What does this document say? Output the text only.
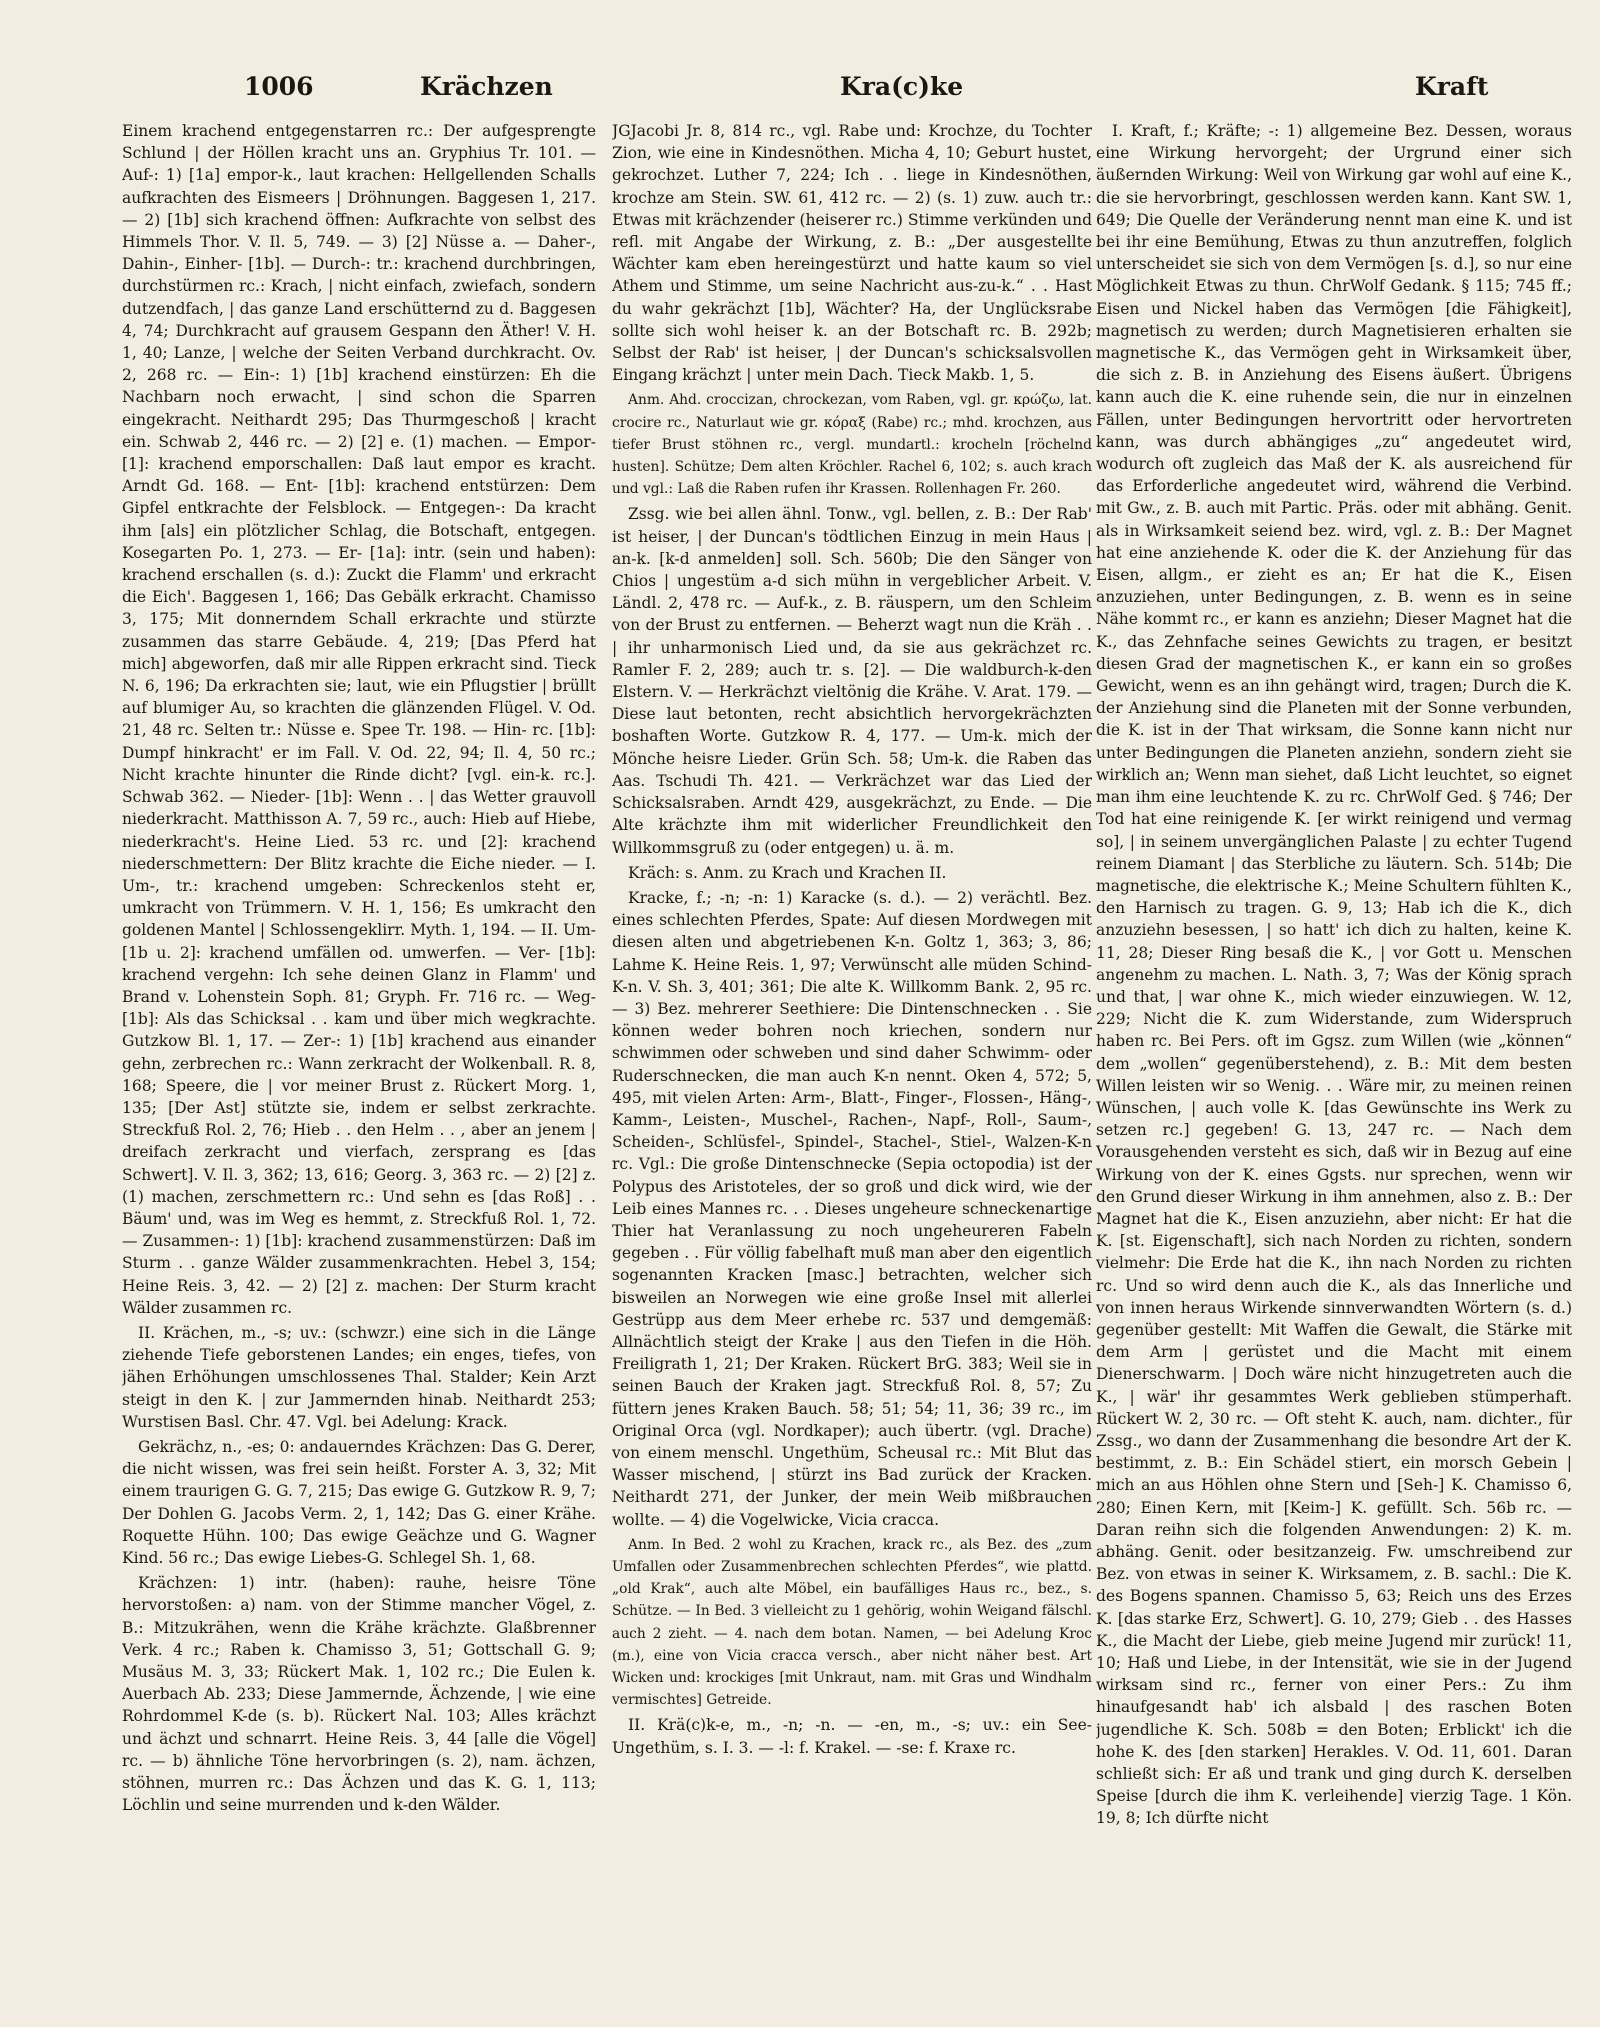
1006	Krächzen	Kra(c)ke	Kraft

Einem krachend entgegenstarren rc.: Der aufgesprengte Schlund | der Höllen kracht uns an. Gryphius Tr. 101. — Auf-: 1) [1a] empor-k., laut krachen: Hellgellenden Schalls aufkrachten des Eismeers | Dröhnungen. Baggesen 1, 217. — 2) [1b] sich krachend öffnen: Aufkrachte von selbst des Himmels Thor. V. Il. 5, 749. — 3) [2] Nüsse a. — Daher-, Dahin-, Einher- [1b]. — Durch-: tr.: krachend durchbringen, durchstürmen rc.: Krach, | nicht einfach, zwiefach, sondern dutzendfach, | das ganze Land erschütternd zu d. Baggesen 4, 74; Durchkracht auf grausem Gespann den Äther! V. H. 1, 40; Lanze, | welche der Seiten Verband durchkracht. Ov. 2, 268 rc. — Ein-: 1) [1b] krachend einstürzen: Eh die Nachbarn noch erwacht, | sind schon die Sparren eingekracht. Neithardt 295; Das Thurmgeschoß | kracht ein. Schwab 2, 446 rc. — 2) [2] e. (1) machen. — Empor- [1]: krachend emporschallen: Daß laut empor es kracht. Arndt Gd. 168. — Ent- [1b]: krachend entstürzen: Dem Gipfel entkrachte der Felsblock. — Entgegen-: Da kracht ihm [als] ein plötzlicher Schlag, die Botschaft, entgegen. Kosegarten Po. 1, 273. — Er- [1a]: intr. (sein und haben): krachend erschallen (s. d.): Zuckt die Flamm' und erkracht die Eich'. Baggesen 1, 166; Das Gebälk erkracht. Chamisso 3, 175; Mit donnerndem Schall erkrachte und stürzte zusammen das starre Gebäude. 4, 219; [Das Pferd hat mich] abgeworfen, daß mir alle Rippen erkracht sind. Tieck N. 6, 196; Da erkrachten sie; laut, wie ein Pflugstier | brüllt auf blumiger Au, so krachten die glänzenden Flügel. V. Od. 21, 48 rc. Selten tr.: Nüsse e. Spee Tr. 198. — Hin- rc. [1b]: Dumpf hinkracht' er im Fall. V. Od. 22, 94; Il. 4, 50 rc.; Nicht krachte hinunter die Rinde dicht? [vgl. ein-k. rc.]. Schwab 362. — Nieder- [1b]: Wenn . . | das Wetter grauvoll niederkracht. Matthisson A. 7, 59 rc., auch: Hieb auf Hiebe, niederkracht's. Heine Lied. 53 rc. und [2]: krachend niederschmettern: Der Blitz krachte die Eiche nieder. — I. Um-, tr.: krachend umgeben: Schreckenlos steht er, umkracht von Trümmern. V. H. 1, 156; Es umkracht den goldenen Mantel | Schlossengeklirr. Myth. 1, 194. — II. Um- [1b u. 2]: krachend umfällen od. umwerfen. — Ver- [1b]: krachend vergehn: Ich sehe deinen Glanz in Flamm' und Brand v. Lohenstein Soph. 81; Gryph. Fr. 716 rc. — Weg- [1b]: Als das Schicksal . . kam und über mich wegkrachte. Gutzkow Bl. 1, 17. — Zer-: 1) [1b] krachend aus einander gehn, zerbrechen rc.: Wann zerkracht der Wolkenball. R. 8, 168; Speere, die | vor meiner Brust z. Rückert Morg. 1, 135; [Der Ast] stützte sie, indem er selbst zerkrachte. Streckfuß Rol. 2, 76; Hieb . . den Helm . . , aber an jenem | dreifach zerkracht und vierfach, zersprang es [das Schwert]. V. Il. 3, 362; 13, 616; Georg. 3, 363 rc. — 2) [2] z. (1) machen, zerschmettern rc.: Und sehn es [das Roß] . . Bäum' und, was im Weg es hemmt, z. Streckfuß Rol. 1, 72. — Zusammen-: 1) [1b]: krachend zusammenstürzen: Daß im Sturm . . ganze Wälder zusammenkrachten. Hebel 3, 154; Heine Reis. 3, 42. — 2) [2] z. machen: Der Sturm kracht Wälder zusammen rc.

II. Krächen, m., -s; uv.: (schwzr.) eine sich in die Länge ziehende Tiefe geborstenen Landes; ein enges, tiefes, von jähen Erhöhungen umschlossenes Thal. Stalder; Kein Arzt steigt in den K. | zur Jammernden hinab. Neithardt 253; Wurstisen Basl. Chr. 47. Vgl. bei Adelung: Krack.

Gekrächz, n., -es; 0: andauerndes Krächzen: Das G. Derer, die nicht wissen, was frei sein heißt. Forster A. 3, 32; Mit einem traurigen G. G. 7, 215; Das ewige G. Gutzkow R. 9, 7; Der Dohlen G. Jacobs Verm. 2, 1, 142; Das G. einer Krähe. Roquette Hühn. 100; Das ewige Geächze und G. Wagner Kind. 56 rc.; Das ewige Liebes-G. Schlegel Sh. 1, 68.

Krächzen: 1) intr. (haben): rauhe, heisre Töne hervorstoßen: a) nam. von der Stimme mancher Vögel, z. B.: Mitzukrähen, wenn die Krähe krächzte. Glaßbrenner Verk. 4 rc.; Raben k. Chamisso 3, 51; Gottschall G. 9; Musäus M. 3, 33; Rückert Mak. 1, 102 rc.; Die Eulen k. Auerbach Ab. 233; Diese Jammernde, Ächzende, | wie eine Rohrdommel K-de (s. b). Rückert Nal. 103; Alles krächzt und ächzt und schnarrt. Heine Reis. 3, 44 [alle die Vögel] rc. — b) ähnliche Töne hervorbringen (s. 2), nam. ächzen, stöhnen, murren rc.: Das Ächzen und das K. G. 1, 113; Löchlin und seine murrenden und k-den Wälder.

JGJacobi Jr. 8, 814 rc., vgl. Rabe und: Krochze, du Tochter Zion, wie eine in Kindesnöthen. Micha 4, 10; Geburt hustet, gekrochzet. Luther 7, 224; Ich . . liege in Kindesnöthen, krochze am Stein. SW. 61, 412 rc. — 2) (s. 1) zuw. auch tr.: Etwas mit krächzender (heiserer rc.) Stimme verkünden und refl. mit Angabe der Wirkung, z. B.: „Der ausgestellte Wächter kam eben hereingestürzt und hatte kaum so viel Athem und Stimme, um seine Nachricht aus-zu-k.“ . . Hast du wahr gekrächzt [1b], Wächter? Ha, der Unglücksrabe sollte sich wohl heiser k. an der Botschaft rc. B. 292b; Selbst der Rab' ist heiser, | der Duncan's schicksalsvollen Eingang krächzt | unter mein Dach. Tieck Makb. 1, 5.

Anm. Ahd. croccizan, chrockezan, vom Raben, vgl. gr. κρώζω, lat. crocire rc., Naturlaut wie gr. κόραξ (Rabe) rc.; mhd. krochzen, aus tiefer Brust stöhnen rc., vergl. mundartl.: krocheln [röchelnd husten]. Schütze; Dem alten Kröchler. Rachel 6, 102; s. auch krach und vgl.: Laß die Raben rufen ihr Krassen. Rollenhagen Fr. 260.

Zssg. wie bei allen ähnl. Tonw., vgl. bellen, z. B.: Der Rab' ist heiser, | der Duncan's tödtlichen Einzug in mein Haus | an-k. [k-d anmelden] soll. Sch. 560b; Die den Sänger von Chios | ungestüm a-d sich mühn in vergeblicher Arbeit. V. Ländl. 2, 478 rc. — Auf-k., z. B. räuspern, um den Schleim von der Brust zu entfernen. — Beherzt wagt nun die Kräh . . | ihr unharmonisch Lied und, da sie aus gekrächzet rc. Ramler F. 2, 289; auch tr. s. [2]. — Die waldburch-k-den Elstern. V. — Herkrächzt vieltönig die Krähe. V. Arat. 179. — Diese laut betonten, recht absichtlich hervorgekrächzten boshaften Worte. Gutzkow R. 4, 177. — Um-k. mich der Mönche heisre Lieder. Grün Sch. 58; Um-k. die Raben das Aas. Tschudi Th. 421. — Verkrächzet war das Lied der Schicksalsraben. Arndt 429, ausgekrächzt, zu Ende. — Die Alte krächzte ihm mit widerlicher Freundlichkeit den Willkommsgruß zu (oder entgegen) u. ä. m.

Kräch: s. Anm. zu Krach und Krachen II.

Kracke, f.; -n; -n: 1) Karacke (s. d.). — 2) verächtl. Bez. eines schlechten Pferdes, Spate: Auf diesen Mordwegen mit diesen alten und abgetriebenen K-n. Goltz 1, 363; 3, 86; Lahme K. Heine Reis. 1, 97; Verwünscht alle müden Schind-K-n. V. Sh. 3, 401; 361; Die alte K. Willkomm Bank. 2, 95 rc. — 3) Bez. mehrerer Seethiere: Die Dintenschnecken . . Sie können weder bohren noch kriechen, sondern nur schwimmen oder schweben und sind daher Schwimm- oder Ruderschnecken, die man auch K-n nennt. Oken 4, 572; 5, 495, mit vielen Arten: Arm-, Blatt-, Finger-, Flossen-, Häng-, Kamm-, Leisten-, Muschel-, Rachen-, Napf-, Roll-, Saum-, Scheiden-, Schlüsfel-, Spindel-, Stachel-, Stiel-, Walzen-K-n rc. Vgl.: Die große Dintenschnecke (Sepia octopodia) ist der Polypus des Aristoteles, der so groß und dick wird, wie der Leib eines Mannes rc. . . Dieses ungeheure schneckenartige Thier hat Veranlassung zu noch ungeheureren Fabeln gegeben . . Für völlig fabelhaft muß man aber den eigentlich sogenannten Kracken [masc.] betrachten, welcher sich bisweilen an Norwegen wie eine große Insel mit allerlei Gestrüpp aus dem Meer erhebe rc. 537 und demgemäß: Allnächtlich steigt der Krake | aus den Tiefen in die Höh. Freiligrath 1, 21; Der Kraken. Rückert BrG. 383; Weil sie in seinen Bauch der Kraken jagt. Streckfuß Rol. 8, 57; Zu füttern jenes Kraken Bauch. 58; 51; 54; 11, 36; 39 rc., im Original Orca (vgl. Nordkaper); auch übertr. (vgl. Drache) von einem menschl. Ungethüm, Scheusal rc.: Mit Blut das Wasser mischend, | stürzt ins Bad zurück der Kracken. Neithardt 271, der Junker, der mein Weib mißbrauchen wollte. — 4) die Vogelwicke, Vicia cracca.

Anm. In Bed. 2 wohl zu Krachen, krack rc., als Bez. des „zum Umfallen oder Zusammenbrechen schlechten Pferdes“, wie plattd. „old Krak“, auch alte Möbel, ein baufälliges Haus rc., bez., s. Schütze. — In Bed. 3 vielleicht zu 1 gehörig, wohin Weigand fälschl. auch 2 zieht. — 4. nach dem botan. Namen, — bei Adelung Kroc (m.), eine von Vicia cracca versch., aber nicht näher best. Art Wicken und: krockiges [mit Unkraut, nam. mit Gras und Windhalm vermischtes] Getreide.

II. Krä(c)k-e, m., -n; -n. — -en, m., -s; uv.: ein See-Ungethüm, s. I. 3. — -l: f. Krakel. — -se: f. Kraxe rc.

I. Kraft, f.; Kräfte; -: 1) allgemeine Bez. Dessen, woraus eine Wirkung hervorgeht; der Urgrund einer sich äußernden Wirkung: Weil von Wirkung gar wohl auf eine K., die sie hervorbringt, geschlossen werden kann. Kant SW. 1, 649; Die Quelle der Veränderung nennt man eine K. und ist bei ihr eine Bemühung, Etwas zu thun anzutreffen, folglich unterscheidet sie sich von dem Vermögen [s. d.], so nur eine Möglichkeit Etwas zu thun. ChrWolf Gedank. § 115; 745 ff.; Eisen und Nickel haben das Vermögen [die Fähigkeit], magnetisch zu werden; durch Magnetisieren erhalten sie magnetische K., das Vermögen geht in Wirksamkeit über, die sich z. B. in Anziehung des Eisens äußert. Übrigens kann auch die K. eine ruhende sein, die nur in einzelnen Fällen, unter Bedingungen hervortritt oder hervortreten kann, was durch abhängiges „zu“ angedeutet wird, wodurch oft zugleich das Maß der K. als ausreichend für das Erforderliche angedeutet wird, während die Verbind. mit Gw., z. B. auch mit Partic. Präs. oder mit abhäng. Genit. als in Wirksamkeit seiend bez. wird, vgl. z. B.: Der Magnet hat eine anziehende K. oder die K. der Anziehung für das Eisen, allgm., er zieht es an; Er hat die K., Eisen anzuziehen, unter Bedingungen, z. B. wenn es in seine Nähe kommt rc., er kann es anziehn; Dieser Magnet hat die K., das Zehnfache seines Gewichts zu tragen, er besitzt diesen Grad der magnetischen K., er kann ein so großes Gewicht, wenn es an ihn gehängt wird, tragen; Durch die K. der Anziehung sind die Planeten mit der Sonne verbunden, die K. ist in der That wirksam, die Sonne kann nicht nur unter Bedingungen die Planeten anziehn, sondern zieht sie wirklich an; Wenn man siehet, daß Licht leuchtet, so eignet man ihm eine leuchtende K. zu rc. ChrWolf Ged. § 746; Der Tod hat eine reinigende K. [er wirkt reinigend und vermag so], | in seinem unvergänglichen Palaste | zu echter Tugend reinem Diamant | das Sterbliche zu läutern. Sch. 514b; Die magnetische, die elektrische K.; Meine Schultern fühlten K., den Harnisch zu tragen. G. 9, 13; Hab ich die K., dich anzuziehn besessen, | so hatt' ich dich zu halten, keine K. 11, 28; Dieser Ring besaß die K., | vor Gott u. Menschen angenehm zu machen. L. Nath. 3, 7; Was der König sprach und that, | war ohne K., mich wieder einzuwiegen. W. 12, 229; Nicht die K. zum Widerstande, zum Widerspruch haben rc. Bei Pers. oft im Ggsz. zum Willen (wie „können“ dem „wollen“ gegenüberstehend), z. B.: Mit dem besten Willen leisten wir so Wenig. . . Wäre mir, zu meinen reinen Wünschen, | auch volle K. [das Gewünschte ins Werk zu setzen rc.] gegeben! G. 13, 247 rc. — Nach dem Vorausgehenden versteht es sich, daß wir in Bezug auf eine Wirkung von der K. eines Ggsts. nur sprechen, wenn wir den Grund dieser Wirkung in ihm annehmen, also z. B.: Der Magnet hat die K., Eisen anzuziehn, aber nicht: Er hat die K. [st. Eigenschaft], sich nach Norden zu richten, sondern vielmehr: Die Erde hat die K., ihn nach Norden zu richten rc. Und so wird denn auch die K., als das Innerliche und von innen heraus Wirkende sinnverwandten Wörtern (s. d.) gegenüber gestellt: Mit Waffen die Gewalt, die Stärke mit dem Arm | gerüstet und die Macht mit einem Dienerschwarm. | Doch wäre nicht hinzugetreten auch die K., | wär' ihr gesammtes Werk geblieben stümperhaft. Rückert W. 2, 30 rc. — Oft steht K. auch, nam. dichter., für Zssg., wo dann der Zusammenhang die besondre Art der K. bestimmt, z. B.: Ein Schädel stiert, ein morsch Gebein | mich an aus Höhlen ohne Stern und [Seh-] K. Chamisso 6, 280; Einen Kern, mit [Keim-] K. gefüllt. Sch. 56b rc. — Daran reihn sich die folgenden Anwendungen: 2) K. m. abhäng. Genit. oder besitzanzeig. Fw. umschreibend zur Bez. von etwas in seiner K. Wirksamem, z. B. sachl.: Die K. des Bogens spannen. Chamisso 5, 63; Reich uns des Erzes K. [das starke Erz, Schwert]. G. 10, 279; Gieb . . des Hasses K., die Macht der Liebe, gieb meine Jugend mir zurück! 11, 10; Haß und Liebe, in der Intensität, wie sie in der Jugend wirksam sind rc., ferner von einer Pers.: Zu ihm hinaufgesandt hab' ich alsbald | des raschen Boten jugendliche K. Sch. 508b = den Boten; Erblickt' ich die hohe K. des [den starken] Herakles. V. Od. 11, 601. Daran schließt sich: Er aß und trank und ging durch K. derselben Speise [durch die ihm K. verleihende] vierzig Tage. 1 Kön. 19, 8; Ich dürfte nicht
